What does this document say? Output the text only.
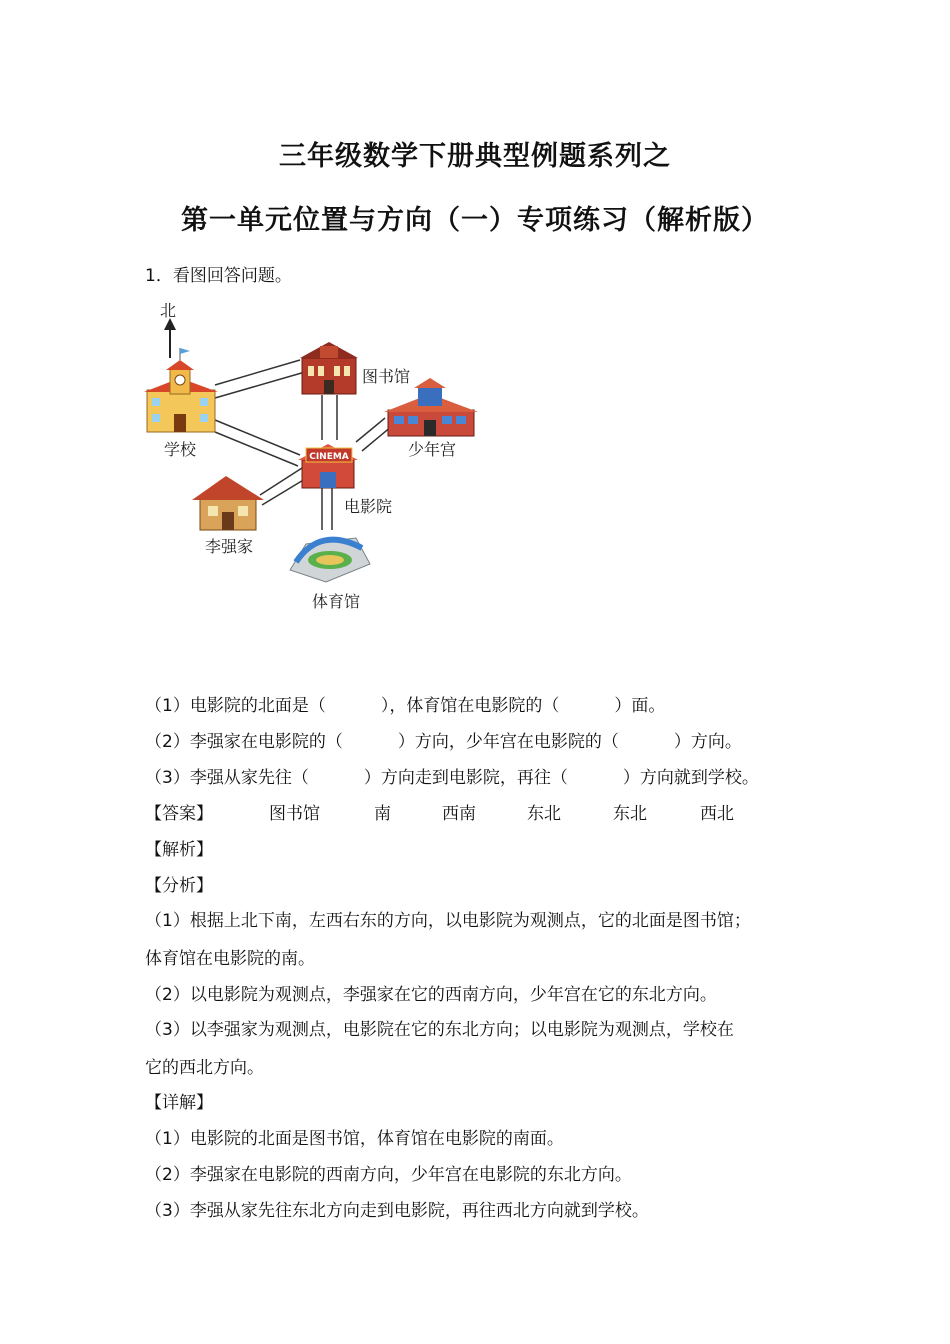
三年级数学下册典型例题系列之
第一单元位置与方向（一）专项练习（解析版）
1．看图回答问题。
北
学校
图书馆
少年宫
CINEMA
电影院
李强家
体育馆
（1）电影院的北面是（	），体育馆在电影院的（	）面。
（2）李强家在电影院的（	）方向，少年宫在电影院的（	）方向。
（3）李强从家先往（	）方向走到电影院，再往（	）方向就到学校。
【答案】	图书馆	南	西南	东北	东北	西北
【解析】
【分析】
（1）根据上北下南，左西右东的方向，以电影院为观测点，它的北面是图书馆；
体育馆在电影院的南。
（2）以电影院为观测点，李强家在它的西南方向，少年宫在它的东北方向。
（3）以李强家为观测点，电影院在它的东北方向；以电影院为观测点，学校在
它的西北方向。
【详解】
（1）电影院的北面是图书馆，体育馆在电影院的南面。
（2）李强家在电影院的西南方向，少年宫在电影院的东北方向。
（3）李强从家先往东北方向走到电影院，再往西北方向就到学校。
